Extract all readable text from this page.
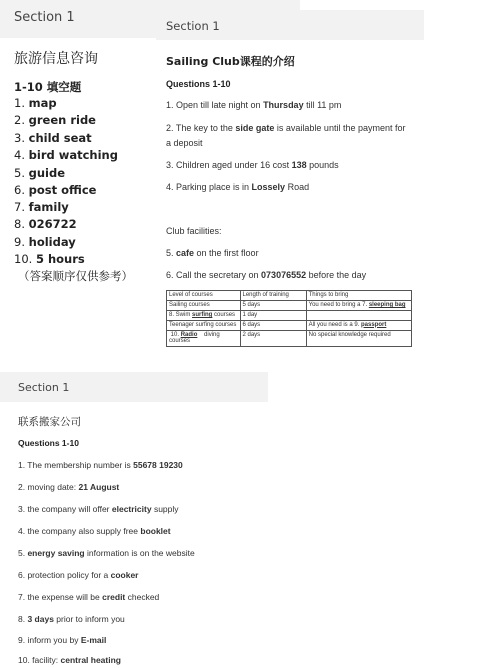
Section 1
旅游信息咨询
1-10 填空题
1. map
2. green ride
3. child seat
4. bird watching
5. guide
6. post office
7. family
8. 026722
9. holiday
10. 5 hours
（答案顺序仅供参考）
Section 1
Sailing Club课程的介绍
Questions 1-10
1. Open till late night on Thursday till 11 pm
2. The key to the side gate is available until the payment for
a deposit
3. Children aged under 16 cost 138 pounds
4. Parking place is in Lossely Road
Club facilities:
5. cafe on the first floor
6. Call the secretary on 073076552 before the day
Level of courses	Length of training	Things to bring
Sailing courses	5 days	You need to bring a 7. sleeping bag
8. Swim surfing courses	1 day	
Teenager surfing courses	6 days	All you need is a 9. passport
10. Radio    diving courses	2 days	No special knowledge required
Section 1
联系搬家公司
Questions 1-10
1. The membership number is 55678 19230
2. moving date: 21 August
3. the company will offer electricity supply
4. the company also supply free booklet
5. energy saving information is on the website
6. protection policy for a cooker
7. the expense will be credit checked
8. 3 days prior to inform you
9. inform you by E-mail
10. facility: central heating
